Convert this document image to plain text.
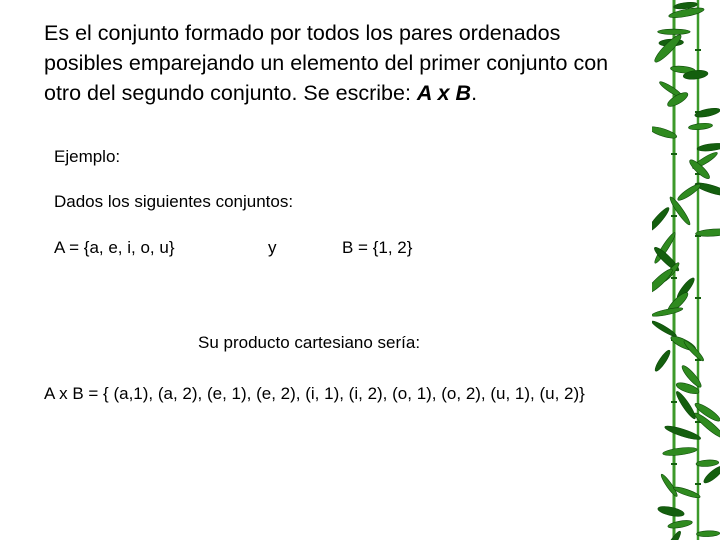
Es el conjunto formado por todos los pares ordenados posibles emparejando un elemento del primer conjunto con otro del segundo conjunto. Se escribe: A x B.

Ejemplo:

Dados los siguientes conjuntos:

A = {a, e, i, o, u}	y	B = {1, 2}

Su producto cartesiano sería:

A x B = { (a,1), (a, 2), (e, 1), (e, 2), (i, 1), (i, 2), (o, 1), (o, 2), (u, 1), (u, 2)}
